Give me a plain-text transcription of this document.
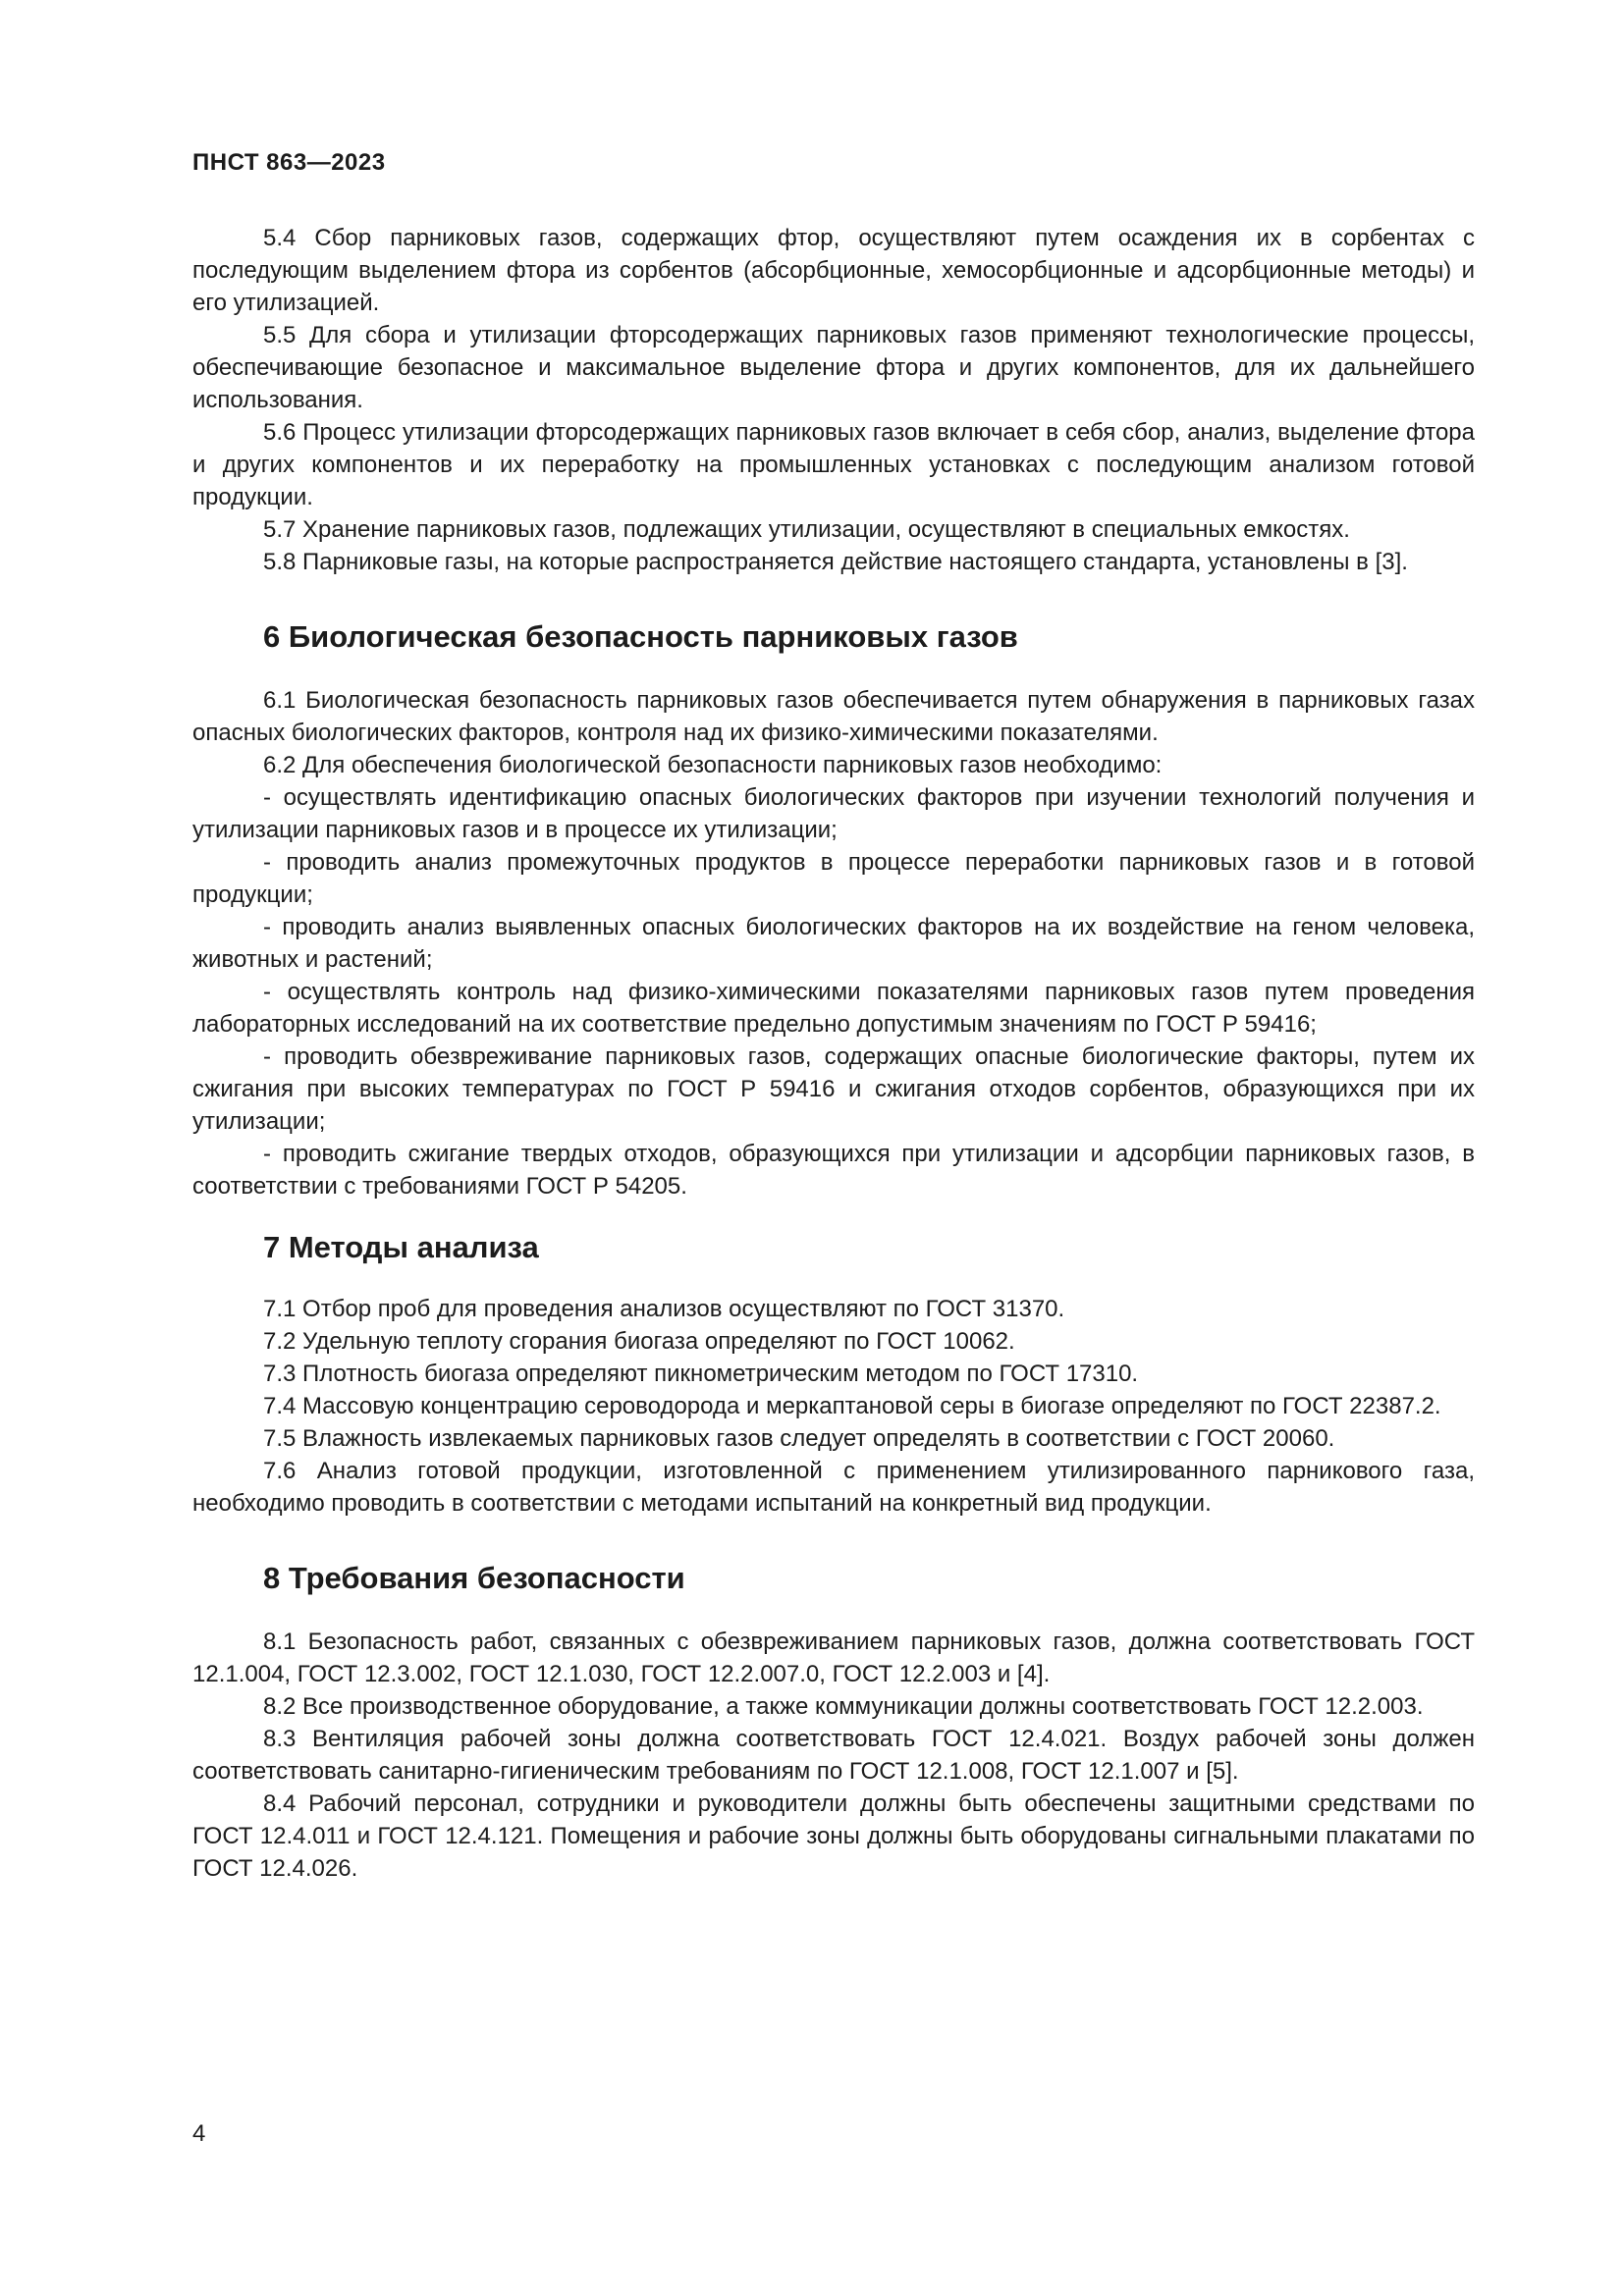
ПНСТ 863—2023

5.4 Сбор парниковых газов, содержащих фтор, осуществляют путем осаждения их в сорбентах с последующим выделением фтора из сорбентов (абсорбционные, хемосорбционные и адсорбционные методы) и его утилизацией.

5.5 Для сбора и утилизации фторсодержащих парниковых газов применяют технологические процессы, обеспечивающие безопасное и максимальное выделение фтора и других компонентов, для их дальнейшего использования.

5.6 Процесс утилизации фторсодержащих парниковых газов включает в себя сбор, анализ, выделение фтора и других компонентов и их переработку на промышленных установках с последующим анализом готовой продукции.

5.7 Хранение парниковых газов, подлежащих утилизации, осуществляют в специальных емкостях.

5.8 Парниковые газы, на которые распространяется действие настоящего стандарта, установлены в [3].

6 Биологическая безопасность парниковых газов

6.1 Биологическая безопасность парниковых газов обеспечивается путем обнаружения в парниковых газах опасных биологических факторов, контроля над их физико-химическими показателями.

6.2 Для обеспечения биологической безопасности парниковых газов необходимо:

- осуществлять идентификацию опасных биологических факторов при изучении технологий получения и утилизации парниковых газов и в процессе их утилизации;

- проводить анализ промежуточных продуктов в процессе переработки парниковых газов и в готовой продукции;

- проводить анализ выявленных опасных биологических факторов на их воздействие на геном человека, животных и растений;

- осуществлять контроль над физико-химическими показателями парниковых газов путем проведения лабораторных исследований на их соответствие предельно допустимым значениям по ГОСТ Р 59416;

- проводить обезвреживание парниковых газов, содержащих опасные биологические факторы, путем их сжигания при высоких температурах по ГОСТ Р 59416 и сжигания отходов сорбентов, образующихся при их утилизации;

- проводить сжигание твердых отходов, образующихся при утилизации и адсорбции парниковых газов, в соответствии с требованиями ГОСТ Р 54205.

7 Методы анализа

7.1 Отбор проб для проведения анализов осуществляют по ГОСТ 31370.

7.2 Удельную теплоту сгорания биогаза определяют по ГОСТ 10062.

7.3 Плотность биогаза определяют пикнометрическим методом по ГОСТ 17310.

7.4 Массовую концентрацию сероводорода и меркаптановой серы в биогазе определяют по ГОСТ 22387.2.

7.5 Влажность извлекаемых парниковых газов следует определять в соответствии с ГОСТ 20060.

7.6 Анализ готовой продукции, изготовленной с применением утилизированного парникового газа, необходимо проводить в соответствии с методами испытаний на конкретный вид продукции.

8 Требования безопасности

8.1 Безопасность работ, связанных с обезвреживанием парниковых газов, должна соответствовать ГОСТ 12.1.004, ГОСТ 12.3.002, ГОСТ 12.1.030, ГОСТ 12.2.007.0, ГОСТ 12.2.003 и [4].

8.2 Все производственное оборудование, а также коммуникации должны соответствовать ГОСТ 12.2.003.

8.3 Вентиляция рабочей зоны должна соответствовать ГОСТ 12.4.021. Воздух рабочей зоны должен соответствовать санитарно-гигиеническим требованиям по ГОСТ 12.1.008, ГОСТ 12.1.007 и [5].

8.4 Рабочий персонал, сотрудники и руководители должны быть обеспечены защитными средствами по ГОСТ 12.4.011 и ГОСТ 12.4.121. Помещения и рабочие зоны должны быть оборудованы сигнальными плакатами по ГОСТ 12.4.026.

4
